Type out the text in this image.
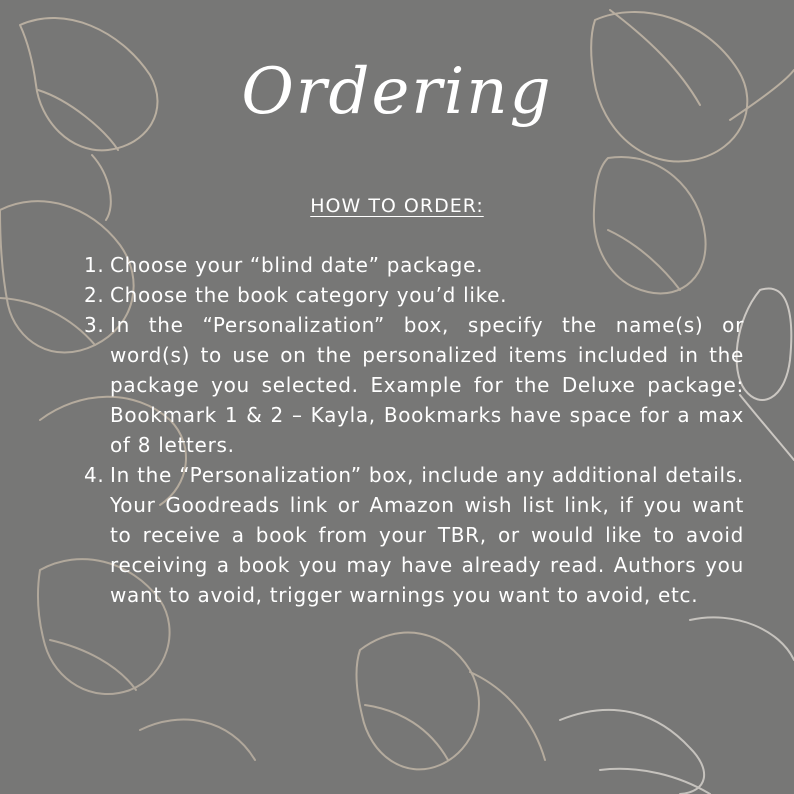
Ordering
HOW TO ORDER:
1. Choose your “blind date” package.
2. Choose the book category you’d like.
3. In the “Personalization” box, specify the name(s) or word(s) to use on the personalized items included in the package you selected. Example for the Deluxe package: Bookmark 1 & 2 – Kayla, Bookmarks have space for a max of 8 letters.
4. In the “Personalization” box, include any additional details. Your Goodreads link or Amazon wish list link, if you want to receive a book from your TBR, or would like to avoid receiving a book you may have already read. Authors you want to avoid, trigger warnings you want to avoid, etc.
